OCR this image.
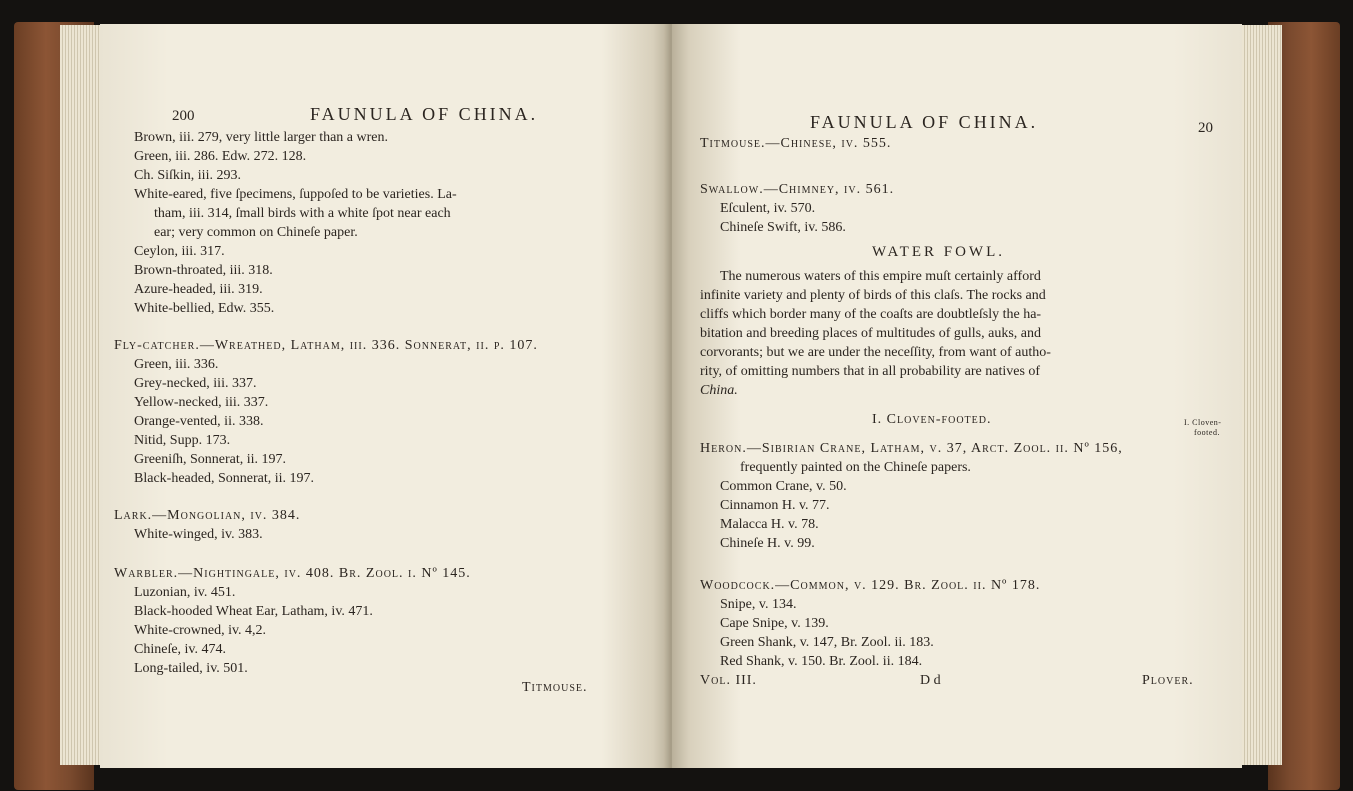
200	FAUNULA OF CHINA.
Brown, iii. 279, very little larger than a wren.
Green, iii. 286. Edw. 272. 128.
Ch. Siſkin, iii. 293.
White-eared, five ſpecimens, ſuppoſed to be varieties. La-
tham, iii. 314, ſmall birds with a white ſpot near each
ear; very common on Chineſe paper.
Ceylon, iii. 317.
Brown-throated, iii. 318.
Azure-headed, iii. 319.
White-bellied, Edw. 355.
Fly-catcher.—Wreathed, Latham, iii. 336. Sonnerat, ii. p. 107.
Green, iii. 336.
Grey-necked, iii. 337.
Yellow-necked, iii. 337.
Orange-vented, ii. 338.
Nitid, Supp. 173.
Greeniſh, Sonnerat, ii. 197.
Black-headed, Sonnerat, ii. 197.
Lark.—Mongolian, iv. 384.
White-winged, iv. 383.
Warbler.—Nightingale, iv. 408. Br. Zool. i. Nº 145.
Luzonian, iv. 451.
Black-hooded Wheat Ear, Latham, iv. 471.
White-crowned, iv. 4,2.
Chineſe, iv. 474.
Long-tailed, iv. 501.
Titmouse.
FAUNULA OF CHINA.	20
Titmouse.—Chineſe, iv. 555.
Swallow.—Chimney, iv. 561.
Eſculent, iv. 570.
Chineſe Swift, iv. 586.
WATER FOWL.
The numerous waters of this empire muſt certainly afford
infinite variety and plenty of birds of this claſs. The rocks and
cliffs which border many of the coaſts are doubtleſsly the ha-
bitation and breeding places of multitudes of gulls, auks, and
corvorants; but we are under the neceſſity, from want of autho-
rity, of omitting numbers that in all probability are natives of
China.
I. Cloven-footed.	I. Cloven-
footed.
Heron.—Sibirian Crane, Latham, v. 37, Arct. Zool. ii. Nº 156,
frequently painted on the Chineſe papers.
Common Crane, v. 50.
Cinnamon H. v. 77.
Malacca H. v. 78.
Chineſe H. v. 99.
Woodcock.—Common, v. 129. Br. Zool. ii. Nº 178.
Snipe, v. 134.
Cape Snipe, v. 139.
Green Shank, v. 147, Br. Zool. ii. 183.
Red Shank, v. 150. Br. Zool. ii. 184.
Vol. III.	D d	Plover.
